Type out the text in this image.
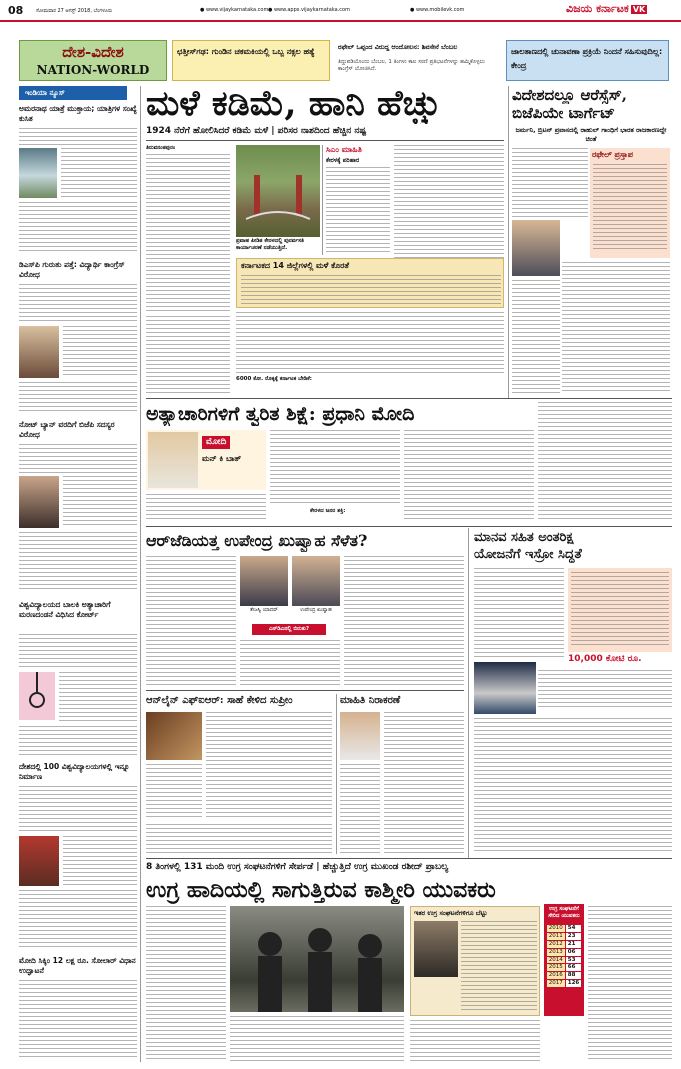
08	ಸೋಮವಾರ 27 ಆಗಸ್ಟ್ 2018, ಬೆಂಗಳೂರು	● www.vijaykarnataka.com ● www.apps.vijaykarnataka.com	● www.mobilevk.com	ವಿಜಯ ಕರ್ನಾಟಕ VK
ದೇಶ-ವಿದೇಶ
NATION-WORLD
ಛತ್ತೀಸ್‌ಗಢ: ಗುಂಡಿನ ಚಕಮಕಿಯಲ್ಲಿ ಒಬ್ಬ ನಕ್ಸಲ ಹತ್ಯೆ	ರಫೇಲ್ ಒಪ್ಪಂದ ವಿರುದ್ಧ ಆಂದೋಲನ: ಶಿವಸೇನೆ ಬೆಂಬಲ
ತಿದ್ದುಪಡಿಯೊಂದು ಬೆಂಬಲ, 1 ತಿಂಗಳು ಕಾಲ ಸರಣಿ ಪ್ರತಿಭಟನೆಗಳನ್ನು ಹಮ್ಮಿಕೊಳ್ಳಲು ಕಾಂಗ್ರೆಸ್ ಯೋಜಿಸಿದೆ.
ಜಾಲತಾಣದಲ್ಲಿ ಚುನಾವಣಾ ಪ್ರಕ್ರಿಯೆ ನಿಂದನೆ ಸಹಿಸುವುದಿಲ್ಲ: ಕೇಂದ್ರ
ಇಂಡಿಯಾ ನ್ಯೂಸ್
ಅಮರನಾಥ ಯಾತ್ರೆ ಮುಕ್ತಾಯ; ಯಾತ್ರಿಗಳ ಸಂಖ್ಯೆ ಕುಸಿತ
ಡಿಎಸ್‌ಪಿ ಗುರುತು ಪತ್ತೆ: ವಿದ್ಯಾರ್ಥಿ ಕಾಂಗ್ರೆಸ್ ವಿರೋಧ
ನೋಟ್ ಬ್ಯಾನ್ ವರದಿಗೆ ಬಿಜೆಪಿ ಸದಸ್ಯರ ವಿರೋಧ
ವಿಶ್ವವಿದ್ಯಾಲಯದ ಬಾಲಕಿ ಅತ್ಯಾಚಾರಿಗೆ ಮರಣದಂಡನೆ ವಿಧಿಸಿದ ಕೋರ್ಟ್
ದೇಶದಲ್ಲಿ 100 ವಿಶ್ವವಿದ್ಯಾಲಯಗಳಲ್ಲಿ ಇನ್ನೂ ನಿರ್ಮಾಣ
ಮೋದಿ ಸಿಕ್ಕಿಂ 12 ಲಕ್ಷ ರೂ. ಸೋಲಾರ್ ವಿಧಾನ ಉದ್ಘಾಟನೆ
ಮಳೆ ಕಡಿಮೆ, ಹಾನಿ ಹೆಚ್ಚು
1924 ನೆರೆಗೆ ಹೋಲಿಸಿದರೆ ಕಡಿಮೆ ಮಳೆ | ಪರಿಸರ ನಾಶದಿಂದ ಹೆಚ್ಚಿನ ನಷ್ಟ
ತಿರುವನಂತಪುರಂ
ಪ್ರವಾಹ ಪೀಡಿತ ಕೇರಳದಲ್ಲಿ ಪುನರ್ವಸತಿ ಕಾರ್ಯಾಚರಣೆ ನಡೆಯುತ್ತಿದೆ.
ಸಿಎಂ ಮಾಹಿತಿ
ಕೇರಳಕ್ಕೆ ಪರಿಹಾರ
ಕರ್ನಾಟಕದ 14 ಜಿಲ್ಲೆಗಳಲ್ಲಿ ಮಳೆ ಕೊರತೆ
6000 ಕೋ. ರೊಕ್ಕಕ್ಕೆ ಕರ್ನಾಟಕ ಬೇಡಿಕೆ:
ವಿದೇಶದಲ್ಲೂ ಆರೆಸ್ಸೆಸ್,
ಬಿಜೆಪಿಯೇ ಟಾರ್ಗೆಟ್
ಜರ್ಮನಿ, ಬ್ರಿಟನ್ ಪ್ರವಾಸದಲ್ಲಿ ರಾಹುಲ್ ಗಾಂಧಿಗೆ ಭಾರತ ರಾಜಕಾರಣದ್ದೇ ಚಿಂತೆ
ರಫೇಲ್ ಪ್ರಸ್ತಾಪ
ಅತ್ಯಾಚಾರಿಗಳಿಗೆ ತ್ವರಿತ ಶಿಕ್ಷೆ: ಪ್ರಧಾನಿ ಮೋದಿ
ಮೋದಿ
ಮನ್ ಕಿ ಬಾತ್
ಕೇರಳದ ಜನರ ಶಕ್ತಿ:
ಆರ್‌ಜೆಡಿಯತ್ತ ಉಪೇಂದ್ರ ಖುಷ್ವಾಹ ಸೆಳೆತ?
ತೇಜಸ್ವಿ ಯಾದವ್	ಉಪೇಂದ್ರ ಖುಷ್ವಾಹ
ಎನ್‌ಡಿಎನಲ್ಲಿ ಬಿರುಕು?
ಮಾನವ ಸಹಿತ ಅಂತರಿಕ್ಷ
ಯೋಜನೆಗೆ ಇಸ್ರೋ ಸಿದ್ಧತೆ
10,000 ಕೋಟಿ ರೂ.
ಆನ್‌ಲೈನ್ ಎಫ್ಐಆರ್: ಸಾಹೆ ಕೇಳಿದ ಸುಪ್ರೀಂ	ಮಾಹಿತಿ ನಿರಾಕರಣೆ
8 ತಿಂಗಳಲ್ಲಿ 131 ಮಂದಿ ಉಗ್ರ ಸಂಘಟನೆಗಳಿಗೆ ಸೇರ್ಪಡೆ | ಹೆಚ್ಚುತ್ತಿದೆ ಉಗ್ರ ಮುಖಂಡ ರಶೀದ್ ಪ್ರಾಬಲ್ಯ
ಉಗ್ರ ಹಾದಿಯಲ್ಲಿ ಸಾಗುತ್ತಿರುವ ಕಾಶ್ಮೀರಿ ಯುವಕರು
ಇತರ ಉಗ್ರ ಸಂಘಟನೆಗಳಿಗೂ ಬೆಟ್ಟು	ಉಗ್ರ ಸಂಘಟನೆಗೆ ಸೇರಿದ ಯುವಕರು
2010	54
2011	23
2012	21
2013	06
2014	53
2015	66
2016	88
2017	126
